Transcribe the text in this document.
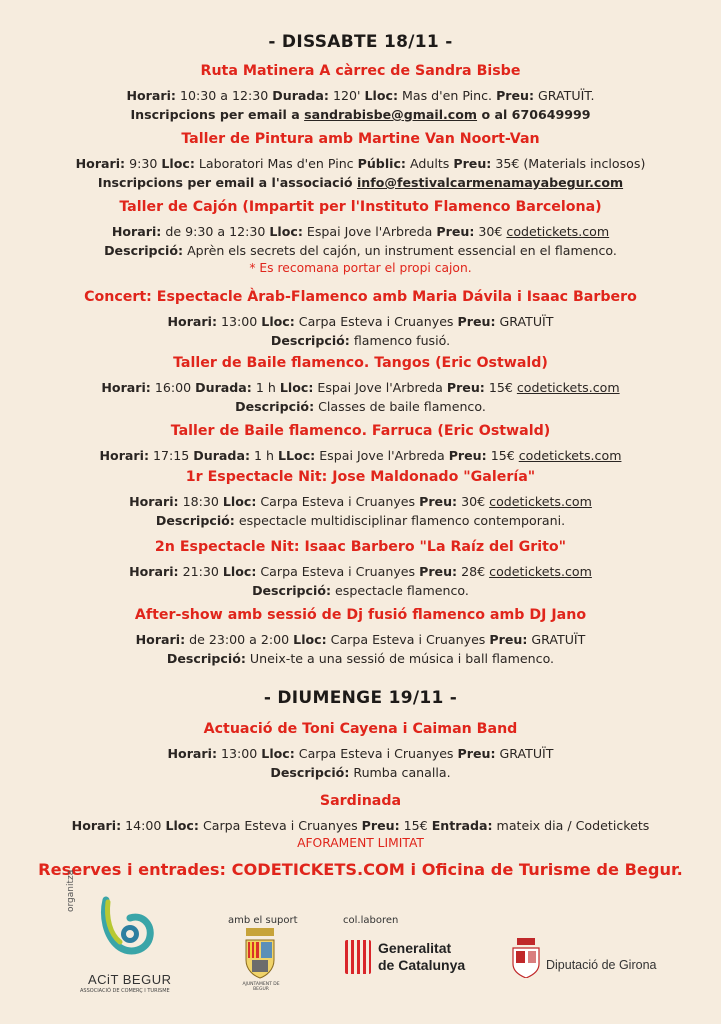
- DISSABTE 18/11 -

Ruta Matinera A càrrec de Sandra Bisbe

Horari: 10:30 a 12:30 Durada: 120' Lloc: Mas d'en Pinc. Preu: GRATUÏT.

Inscripcions per email a sandrabisbe@gmail.com o al 670649999

Taller de Pintura amb Martine Van Noort-Van

Horari: 9:30 Lloc: Laboratori Mas d'en Pinc Públic: Adults Preu: 35€ (Materials inclosos)

Inscripcions per email a l'associació info@festivalcarmenamayabegur.com

Taller de Cajón (Impartit per l'Instituto Flamenco Barcelona)

Horari: de 9:30 a 12:30 Lloc: Espai Jove l'Arbreda Preu: 30€ codetickets.com

Descripció: Aprèn els secrets del cajón, un instrument essencial en el flamenco.

* Es recomana portar el propi cajon.

Concert: Espectacle Àrab-Flamenco amb Maria Dávila i Isaac Barbero

Horari: 13:00 Lloc: Carpa Esteva i Cruanyes Preu: GRATUÏT

Descripció: flamenco fusió.

Taller de Baile flamenco. Tangos (Eric Ostwald)

Horari: 16:00 Durada: 1 h Lloc: Espai Jove l'Arbreda Preu: 15€ codetickets.com

Descripció: Classes de baile flamenco.

Taller de Baile flamenco. Farruca (Eric Ostwald)

Horari: 17:15 Durada: 1 h LLoc: Espai Jove l'Arbreda Preu: 15€ codetickets.com

1r Espectacle Nit: Jose Maldonado "Galería"

Horari: 18:30 Lloc: Carpa Esteva i Cruanyes Preu: 30€ codetickets.com

Descripció: espectacle multidisciplinar flamenco contemporani.

2n Espectacle Nit: Isaac Barbero "La Raíz del Grito"

Horari: 21:30 Lloc: Carpa Esteva i Cruanyes Preu: 28€ codetickets.com

Descripció: espectacle flamenco.

After-show amb sessió de Dj fusió flamenco amb DJ Jano

Horari: de 23:00 a 2:00 Lloc: Carpa Esteva i Cruanyes Preu: GRATUÏT

Descripció: Uneix-te a una sessió de música i ball flamenco.

Actuació de Toni Cayena i Caiman Band

Horari: 13:00 Lloc: Carpa Esteva i Cruanyes Preu: GRATUÏT

Descripció: Rumba canalla.

Sardinada

Horari: 14:00 Lloc: Carpa Esteva i Cruanyes Preu: 15€ Entrada: mateix dia / Codetickets

AFORAMENT LIMITAT

- DIUMENGE 19/11 -

Reserves i entrades: CODETICKETS.COM i Oficina de Turisme de Begur.
organitza
ACiT BEGUR
ASSOCIACIÓ DE COMERÇ I TURISME
amb el suport
AJUNTAMENT DE BEGUR
col.laboren
Generalitat
de Catalunya	Diputació de Girona
